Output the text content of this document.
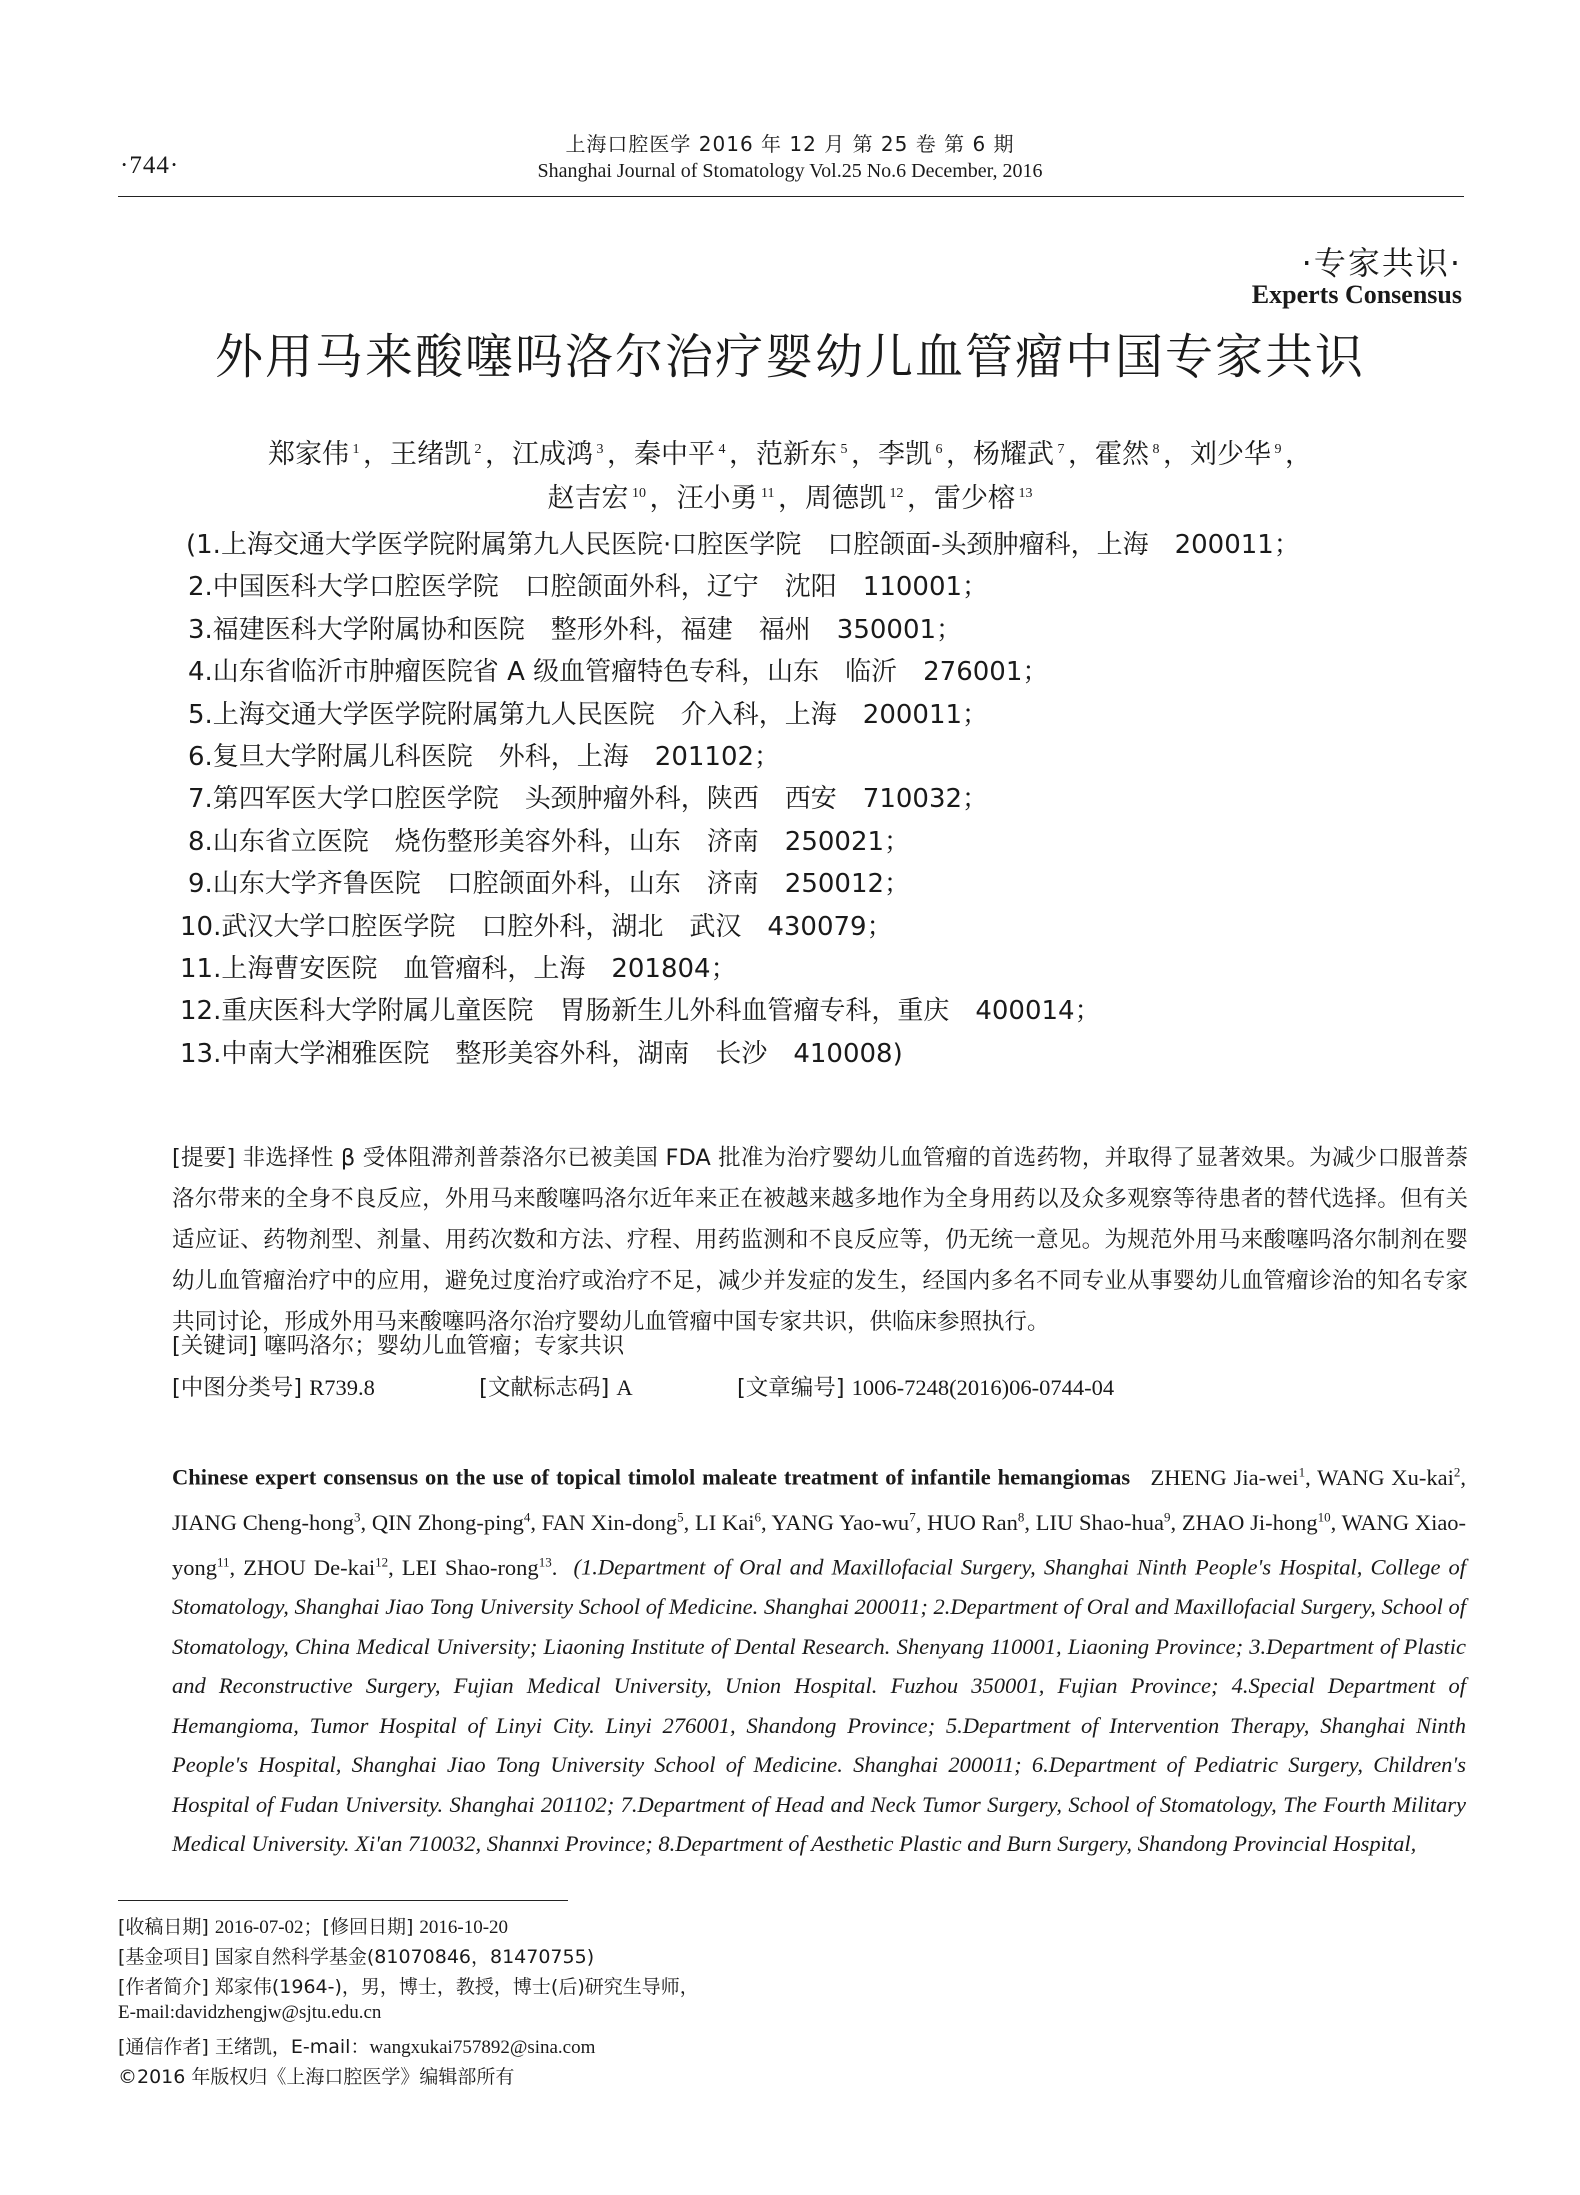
·744·
上海口腔医学 2016 年 12 月 第 25 卷 第 6 期
Shanghai Journal of Stomatology Vol.25 No.6 December, 2016
·专家共识·
Experts Consensus
外用马来酸噻吗洛尔治疗婴幼儿血管瘤中国专家共识
郑家伟 $^1$ ，王绪凯 $^2$ ，江成鸿 $^3$ ，秦中平 $^4$ ，范新东 $^5$ ，李凯 $^6$ ，杨耀武 $^7$ ，霍然 $^8$ ，刘少华 $^9$ ，
赵吉宏 $^{10}$ ，汪小勇 $^{11}$ ，周德凯 $^{12}$ ，雷少榕 $^{13}$
(1.上海交通大学医学院附属第九人民医院·口腔医学院　口腔颌面-头颈肿瘤科，上海　200011；
2.中国医科大学口腔医学院　口腔颌面外科，辽宁　沈阳　110001；
3.福建医科大学附属协和医院　整形外科，福建　福州　350001；
4.山东省临沂市肿瘤医院省 A 级血管瘤特色专科，山东　临沂　276001；
5.上海交通大学医学院附属第九人民医院　介入科，上海　200011；
6.复旦大学附属儿科医院　外科，上海　201102；
7.第四军医大学口腔医学院　头颈肿瘤外科，陕西　西安　710032；
8.山东省立医院　烧伤整形美容外科，山东　济南　250021；
9.山东大学齐鲁医院　口腔颌面外科，山东　济南　250012；
10.武汉大学口腔医学院　口腔外科，湖北　武汉　430079；
11.上海曹安医院　血管瘤科，上海　201804；
12.重庆医科大学附属儿童医院　胃肠新生儿外科血管瘤专科，重庆　400014；
13.中南大学湘雅医院　整形美容外科，湖南　长沙　410008)
[提要] 非选择性 β 受体阻滞剂普萘洛尔已被美国 FDA 批准为治疗婴幼儿血管瘤的首选药物，并取得了显著效果。为减少口服普萘洛尔带来的全身不良反应，外用马来酸噻吗洛尔近年来正在被越来越多地作为全身用药以及众多观察等待患者的替代选择。但有关适应证、药物剂型、剂量、用药次数和方法、疗程、用药监测和不良反应等，仍无统一意见。为规范外用马来酸噻吗洛尔制剂在婴幼儿血管瘤治疗中的应用，避免过度治疗或治疗不足，减少并发症的发生，经国内多名不同专业从事婴幼儿血管瘤诊治的知名专家共同讨论，形成外用马来酸噻吗洛尔治疗婴幼儿血管瘤中国专家共识，供临床参照执行。
[关键词] 噻吗洛尔；婴幼儿血管瘤；专家共识
[中图分类号] R739.8	[文献标志码] A	[文章编号] 1006-7248(2016)06-0744-04
Chinese expert consensus on the use of topical timolol maleate treatment of infantile hemangiomas ZHENG Jia-wei$^1$, WANG Xu-kai$^2$, JIANG Cheng-hong$^3$, QIN Zhong-ping$^4$, FAN Xin-dong$^5$, LI Kai$^6$, YANG Yao-$wu^7$, HUO Ran$^8$, LIU Shao-hua$^9$, ZHAO Ji-hong$^{10}$, WANG Xiao-yong$^{11}$, ZHOU De-kai$^{12}$, LEI Shao-rong$^{13}$. (1.Department of Oral and Maxillofacial Surgery, Shanghai Ninth People's Hospital, College of Stomatology, Shanghai Jiao Tong University School of Medicine. Shanghai 200011; 2.Department of Oral and Maxillofacial Surgery, School of Stomatology, China Medical University; Liaoning Institute of Dental Research. Shenyang 110001, Liaoning Province; 3.Department of Plastic and Reconstructive Surgery, Fujian Medical University, Union Hospital. Fuzhou 350001, Fujian Province; 4.Special Department of Hemangioma, Tumor Hospital of Linyi City. Linyi 276001, Shandong Province; 5.Department of Intervention Therapy, Shanghai Ninth People's Hospital, Shanghai Jiao Tong University School of Medicine. Shanghai 200011; 6.Department of Pediatric Surgery, Children's Hospital of Fudan University. Shanghai 201102; 7.Department of Head and Neck Tumor Surgery, School of Stomatology, The Fourth Military Medical University. Xi'an 710032, Shannxi Province; 8.Department of Aesthetic Plastic and Burn Surgery, Shandong Provincial Hospital,
[收稿日期] 2016-07-02；[修回日期] 2016-10-20
[基金项目] 国家自然科学基金(81070846，81470755)
[作者简介] 郑家伟(1964-)，男，博士，教授，博士(后)研究生导师，
E-mail:davidzhengjw@sjtu.edu.cn
[通信作者] 王绪凯，E-mail：wangxukai757892@sina.com
©2016 年版权归《上海口腔医学》编辑部所有
